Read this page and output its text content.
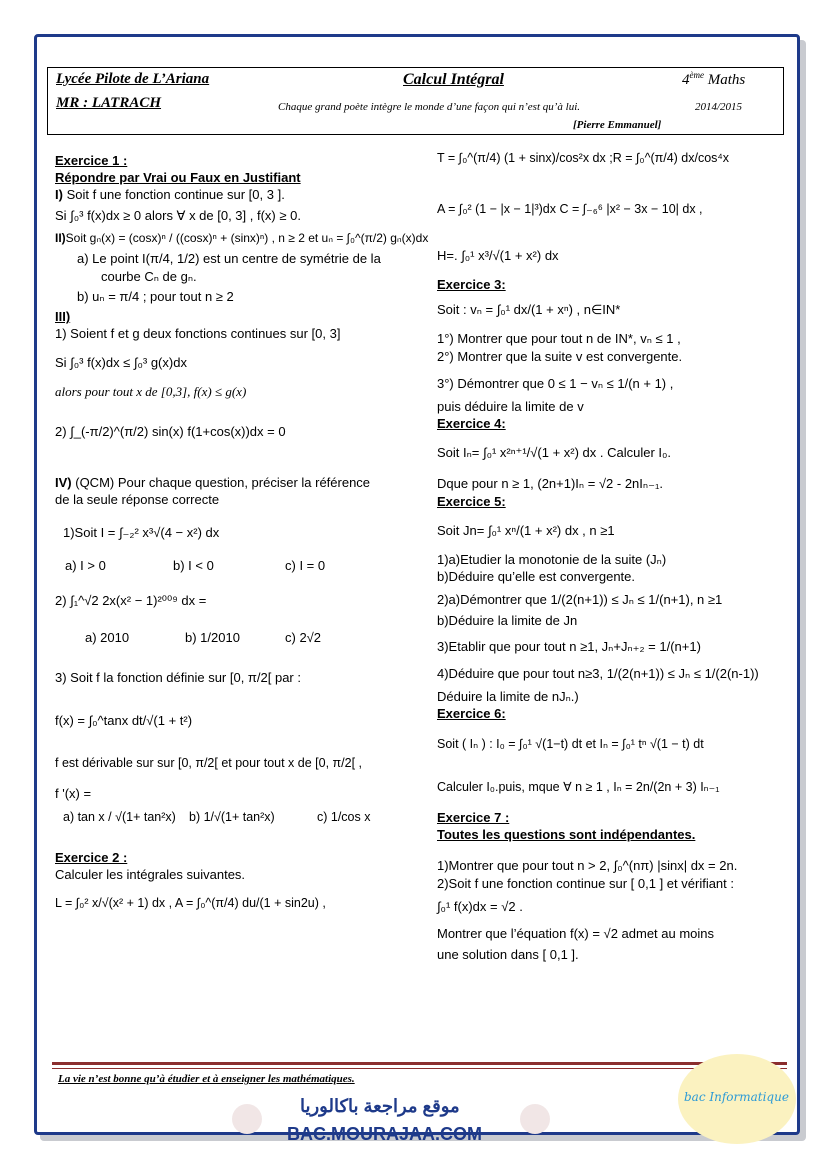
Lycée Pilote de L’Ariana
MR : LATRACH
Calcul Intégral	4ème Maths
Chaque grand poète intègre le monde d’une façon qui n’est qu’à lui.	2014/2015
[Pierre Emmanuel]

Exercice 1 :

Répondre par Vrai ou Faux en Justifiant

I) Soit f une fonction continue sur [0, 3 ].

Si ∫₀³ f(x)dx ≥ 0 alors ∀ x de [0, 3] , f(x) ≥ 0.

II)Soit gₙ(x) = (cosx)ⁿ / ((cosx)ⁿ + (sinx)ⁿ) , n ≥ 2 et uₙ = ∫₀^(π/2) gₙ(x)dx

a) Le point I(π/4, 1/2) est un centre de symétrie de la

courbe Cₙ de gₙ.

b) uₙ = π/4 ; pour tout n ≥ 2

III)

1) Soient f et g deux fonctions continues sur [0, 3]

Si ∫₀³ f(x)dx ≤ ∫₀³ g(x)dx

alors pour tout x de [0,3], f(x) ≤ g(x)

2) ∫_(-π/2)^(π/2) sin(x) f(1+cos(x))dx = 0

IV) (QCM) Pour chaque question, préciser la référence

de la seule réponse correcte

1)Soit I = ∫₋₂² x³√(4 − x²) dx

a) I > 0	b) I < 0	c) I = 0

2) ∫₁^√2 2x(x² − 1)²⁰⁰⁹ dx =

a) 2010	b) 1/2010	c) 2√2

3) Soit f la fonction définie sur [0, π/2[ par :

f(x) = ∫₀^tanx dt/√(1 + t²)

f est dérivable sur sur [0, π/2[ et pour tout x de [0, π/2[ ,

f '(x) =

a) tan x / √(1+ tan²x) b) 1/√(1+ tan²x)	c) 1/cos x

Exercice 2 :

Calculer les intégrales suivantes.

L = ∫₀² x/√(x² + 1) dx , A = ∫₀^(π/4) du/(1 + sin2u) ,

T = ∫₀^(π/4) (1 + sinx)/cos²x dx ;R = ∫₀^(π/4) dx/cos⁴x

A = ∫₀² (1 − |x − 1|³)dx C = ∫₋₆⁶ |x² − 3x − 10| dx ,

H=. ∫₀¹ x³/√(1 + x²) dx

Exercice 3:

Soit : vₙ = ∫₀¹ dx/(1 + xⁿ) , n∈IN*

1°) Montrer que pour tout n de IN*, vₙ ≤ 1 ,

2°) Montrer que la suite v est convergente.

3°) Démontrer que 0 ≤ 1 − vₙ ≤ 1/(n + 1) ,

puis déduire la limite de v

Exercice 4:

Soit Iₙ= ∫₀¹ x²ⁿ⁺¹/√(1 + x²) dx . Calculer I₀.

Dque pour n ≥ 1, (2n+1)Iₙ = √2 - 2nIₙ₋₁.

Exercice 5:

Soit Jn= ∫₀¹ xⁿ/(1 + x²) dx , n ≥1

1)a)Etudier la monotonie de la suite (Jₙ)

b)Déduire qu’elle est convergente.

2)a)Démontrer que 1/(2(n+1)) ≤ Jₙ ≤ 1/(n+1), n ≥1

b)Déduire la limite de Jn

3)Etablir que pour tout n ≥1, Jₙ+Jₙ₊₂ = 1/(n+1)

4)Déduire que pour tout n≥3, 1/(2(n+1)) ≤ Jₙ ≤ 1/(2(n-1))

Déduire la limite de nJₙ.)

Exercice 6:

Soit ( Iₙ ) : I₀ = ∫₀¹ √(1−t) dt et Iₙ = ∫₀¹ tⁿ √(1 − t) dt

Calculer I₀.puis, mque ∀ n ≥ 1 , Iₙ = 2n/(2n + 3) Iₙ₋₁

Exercice 7 :

Toutes les questions sont indépendantes.

1)Montrer que pour tout n > 2, ∫₀^(nπ) |sinx| dx = 2n.

2)Soit f une fonction continue sur [ 0,1 ] et vérifiant :

∫₀¹ f(x)dx = √2 .

Montrer que l’équation f(x) = √2 admet au moins

une solution dans [ 0,1 ].

La vie n’est bonne qu’à étudier et à enseigner les mathématiques.
موقع مراجعة باكالوريا
BAC.MOURAJAA.COM
bac Informatique
